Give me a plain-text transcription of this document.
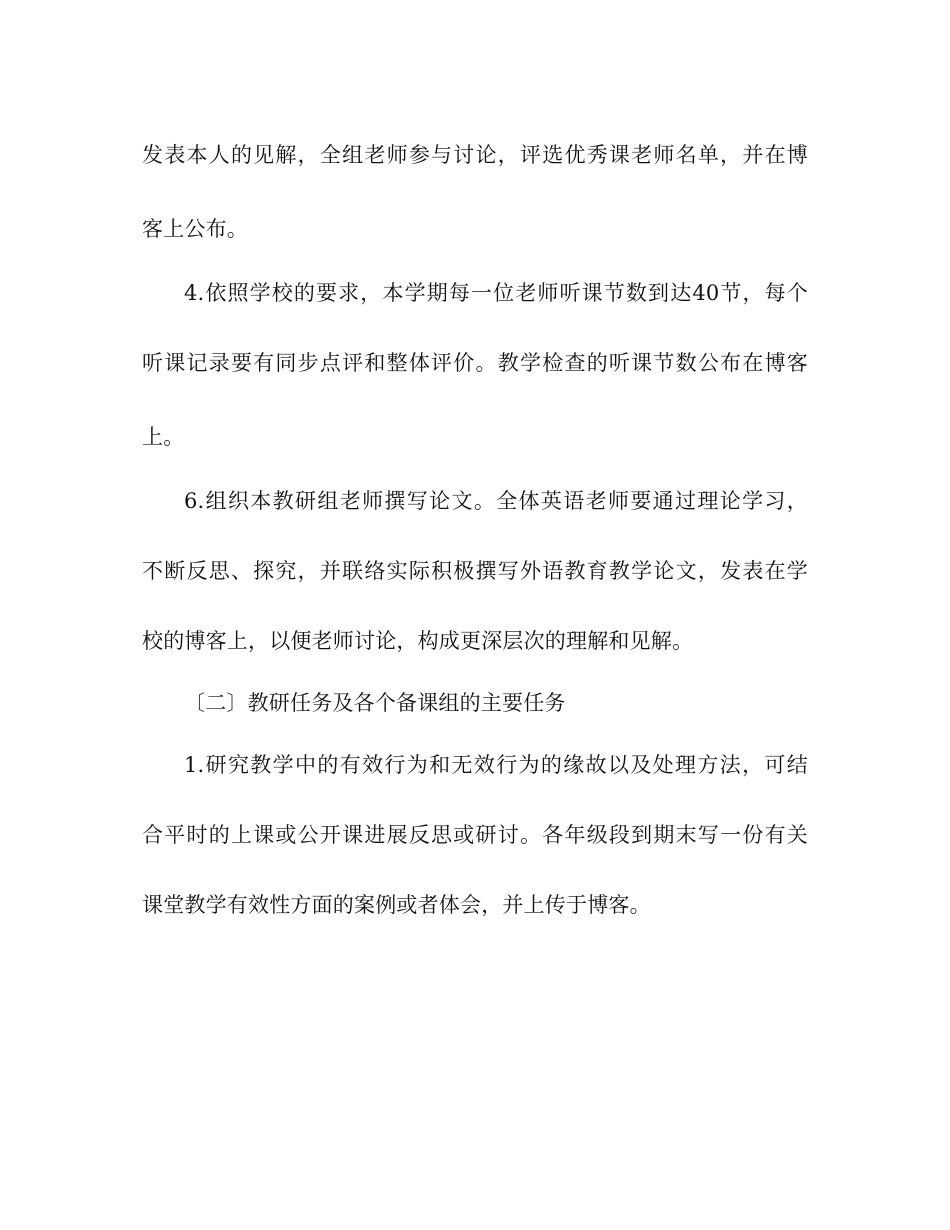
发表本人的见解，全组老师参与讨论，评选优秀课老师名单，并在博
客上公布。
4.依照学校的要求，本学期每一位老师听课节数到达40节，每个
听课记录要有同步点评和整体评价。教学检查的听课节数公布在博客
上。
6.组织本教研组老师撰写论文。全体英语老师要通过理论学习，
不断反思、探究，并联络实际积极撰写外语教育教学论文，发表在学
校的博客上，以便老师讨论，构成更深层次的理解和见解。
〔二〕教研任务及各个备课组的主要任务
1.研究教学中的有效行为和无效行为的缘故以及处理方法，可结
合平时的上课或公开课进展反思或研讨。各年级段到期末写一份有关
课堂教学有效性方面的案例或者体会，并上传于博客。
